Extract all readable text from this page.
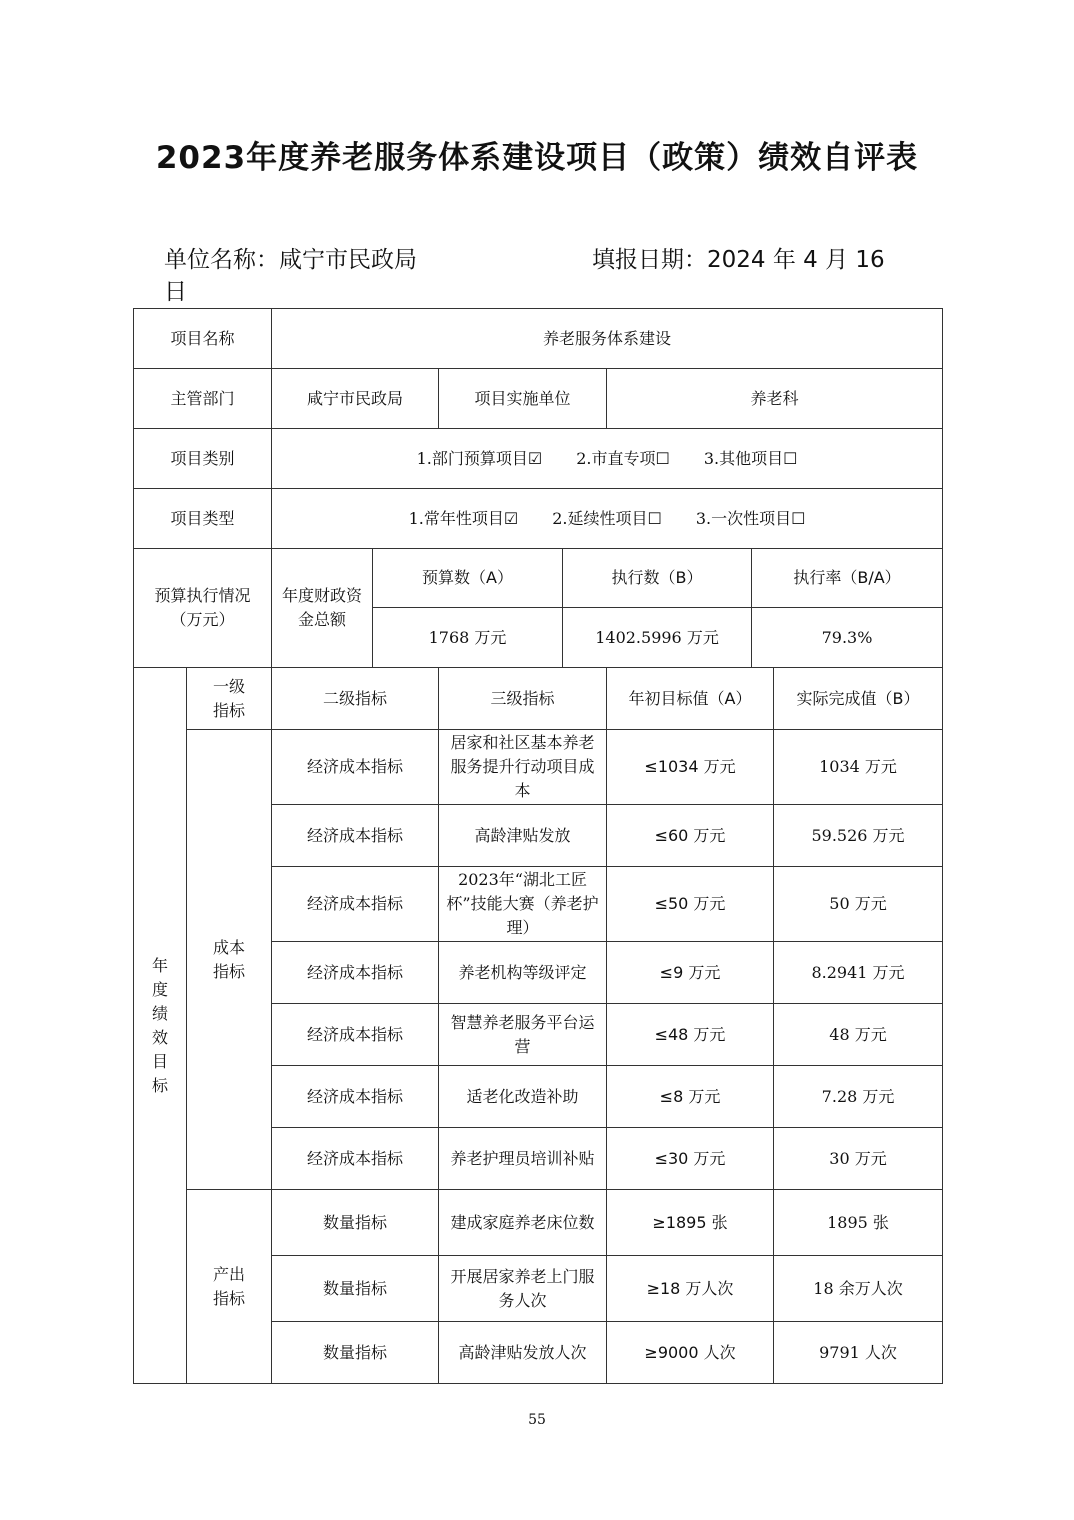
2023年度养老服务体系建设项目（政策）绩效自评表
单位名称：咸宁市民政局	填报日期：2024 年 4 月 16

日
项目名称		养老服务体系建设						
主管部门		咸宁市民政局		项目实施单位		养老科		
项目类别		1.部门预算项目☑ 2.市直专项☐ 3.其他项目☐						
项目类型		1.常年性项目☑ 2.延续性项目☐ 3.一次性项目☐						
预算执行情况（万元）		年度财政资金总额	预算数（A）		执行数（B）		执行率（B/A）	
			1768 万元		1402.5996 万元		79.3%	
年度绩效目标	一级指标	二级指标		三级指标		年初目标值（A）		实际完成值（B）
	成本指标	经济成本指标		居家和社区基本养老服务提升行动项目成本		≤1034 万元		1034 万元
		经济成本指标		高龄津贴发放		≤60 万元		59.526 万元
		经济成本指标		2023年“湖北工匠杯”技能大赛（养老护理）		≤50 万元		50 万元
		经济成本指标		养老机构等级评定		≤9 万元		8.2941 万元
		经济成本指标		智慧养老服务平台运营		≤48 万元		48 万元
		经济成本指标		适老化改造补助		≤8 万元		7.28 万元
		经济成本指标		养老护理员培训补贴		≤30 万元		30 万元
	产出指标	数量指标		建成家庭养老床位数		≥1895 张		1895 张
		数量指标		开展居家养老上门服务人次		≥18 万人次		18 余万人次
		数量指标		高龄津贴发放人次		≥9000 人次		9791 人次
55
